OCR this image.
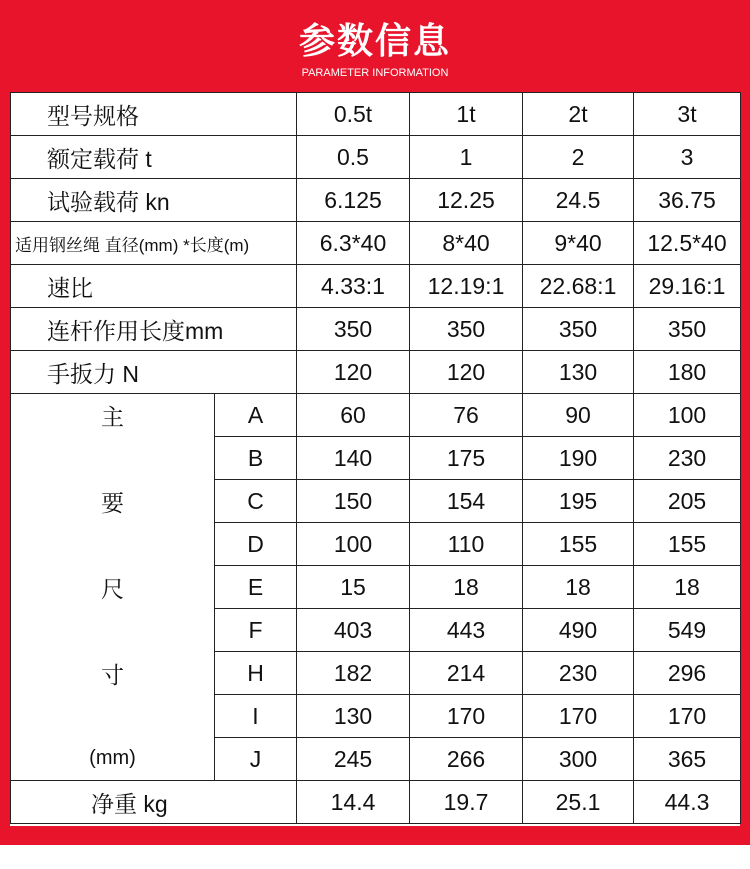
参数信息
PARAMETER INFORMATION
型号规格		0.5t	1t	2t	3t
额定载荷 t		0.5	1	2	3
试验载荷 kn		6.125	12.25	24.5	36.75
适用钢丝绳 直径(mm) *长度(m)		6.3*40	8*40	9*40	12.5*40
速比		4.33:1	12.19:1	22.68:1	29.16:1
连杆作用长度mm		350	350	350	350
手扳力 N		120	120	130	180
主	A	60	76	90	100
	B	140	175	190	230
要	C	150	154	195	205
	D	100	110	155	155
尺	E	15	18	18	18
	F	403	443	490	549
寸	H	182	214	230	296
	I	130	170	170	170
(mm)	J	245	266	300	365
净重 kg		14.4	19.7	25.1	44.3
